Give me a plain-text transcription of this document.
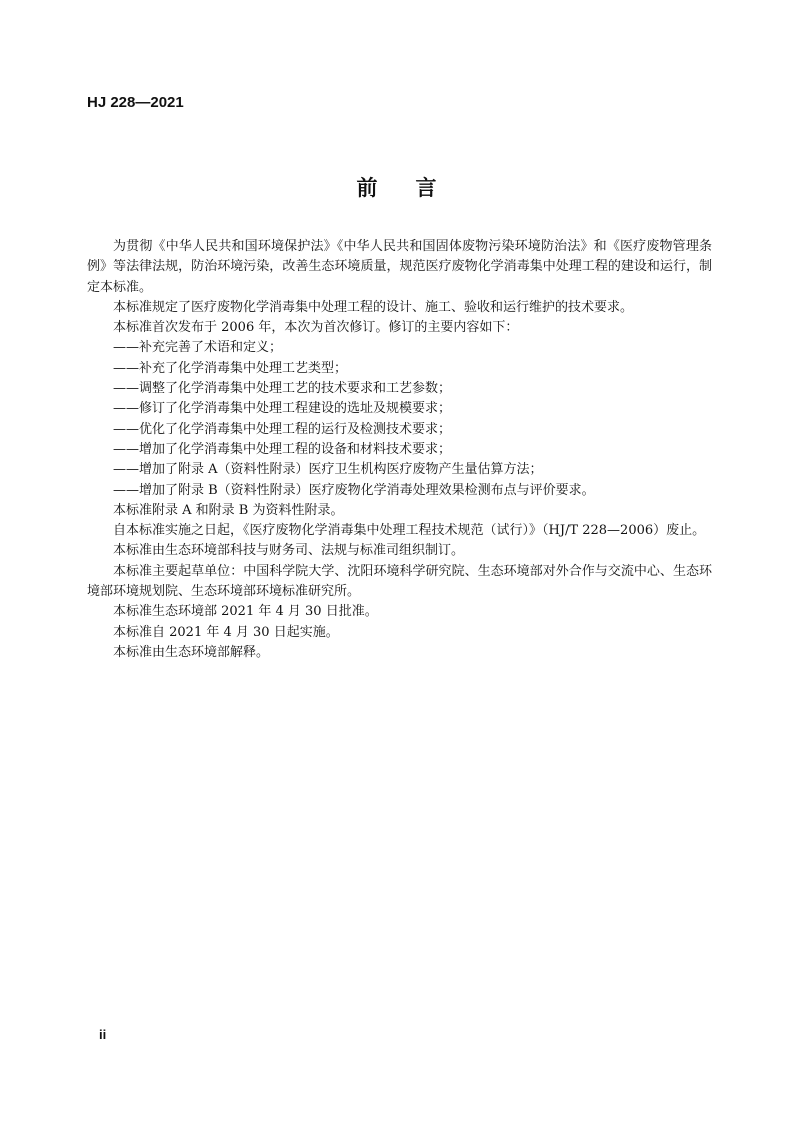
HJ 228—2021
前 言

为贯彻《中华人民共和国环境保护法》《中华人民共和国固体废物污染环境防治法》和《医疗废物管理条例》等法律法规，防治环境污染，改善生态环境质量，规范医疗废物化学消毒集中处理工程的建设和运行，制定本标准。

本标准规定了医疗废物化学消毒集中处理工程的设计、施工、验收和运行维护的技术要求。

本标准首次发布于 2006 年，本次为首次修订。修订的主要内容如下：

——补充完善了术语和定义；

——补充了化学消毒集中处理工艺类型；

——调整了化学消毒集中处理工艺的技术要求和工艺参数；

——修订了化学消毒集中处理工程建设的选址及规模要求；

——优化了化学消毒集中处理工程的运行及检测技术要求；

——增加了化学消毒集中处理工程的设备和材料技术要求；

——增加了附录 A（资料性附录）医疗卫生机构医疗废物产生量估算方法；

——增加了附录 B（资料性附录）医疗废物化学消毒处理效果检测布点与评价要求。

本标准附录 A 和附录 B 为资料性附录。

自本标准实施之日起，《医疗废物化学消毒集中处理工程技术规范（试行）》（HJ/T 228—2006）废止。

本标准由生态环境部科技与财务司、法规与标准司组织制订。

本标准主要起草单位：中国科学院大学、沈阳环境科学研究院、生态环境部对外合作与交流中心、生态环境部环境规划院、生态环境部环境标准研究所。

本标准生态环境部 2021 年 4 月 30 日批准。

本标准自 2021 年 4 月 30 日起实施。

本标准由生态环境部解释。

ii
